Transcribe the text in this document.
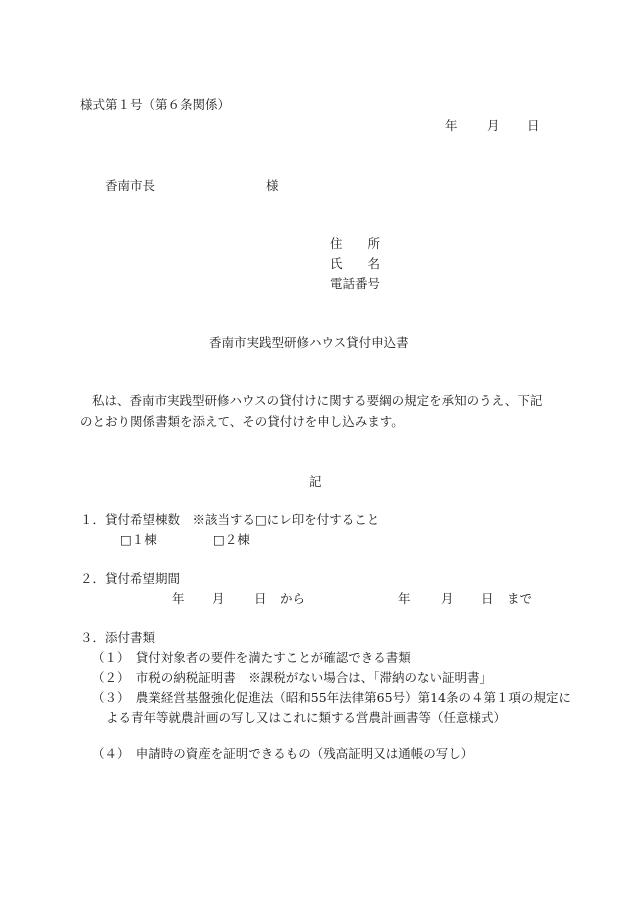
様式第１号（第６条関係）
年 月 日
香南市長	様
住　　所
氏　　名
電話番号
香南市実践型研修ハウス貸付申込書
私は、香南市実践型研修ハウスの貸付けに関する要綱の規定を承知のうえ、下記のとおり関係書類を添えて、その貸付けを申し込みます。
記
１．貸付希望棟数　※該当する□にレ印を付すること
□１棟	□２棟
２．貸付希望期間
年 月 日 から	年 月 日 まで
３．添付書類
（１）　貸付対象者の要件を満たすことが確認できる書類
（２）　市税の納税証明書　※課税がない場合は、「滞納のない証明書」
（３）　農業経営基盤強化促進法（昭和55年法律第65号）第14条の４第１項の規定による青年等就農計画の写し又はこれに類する営農計画書等（任意様式）
（４）　申請時の資産を証明できるもの（残高証明又は通帳の写し）
